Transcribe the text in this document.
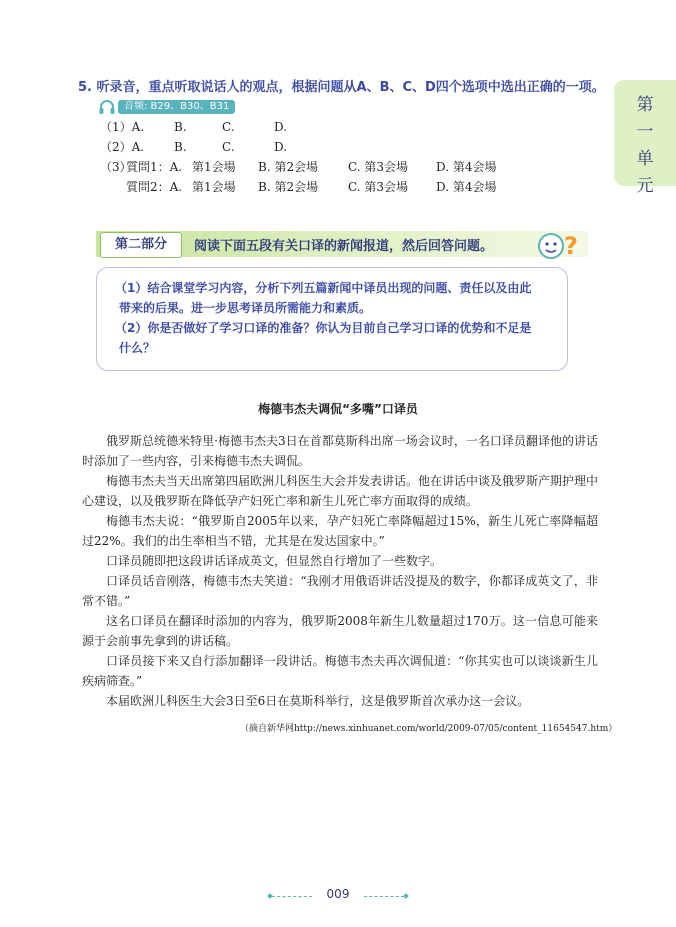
第一单元
5. 听录音，重点听取说话人的观点，根据问题从A、B、C、D四个选项中选出正确的一项。
音频: B29、B30、B31
（1）A. B.	C.	D.
（2）A. B.	C.	D.
（3）
質問1：A. 第1会場 B. 第2会場 C. 第3会場 D. 第4会場
質問2：A. 第1会場 B. 第2会場 C. 第3会場 D. 第4会場
第二部分	阅读下面五段有关口译的新闻报道，然后回答问题。	?
（1）结合课堂学习内容，分析下列五篇新闻中译员出现的问题、责任以及由此
带来的后果。进一步思考译员所需能力和素质。
（2）你是否做好了学习口译的准备？你认为目前自己学习口译的优势和不足是
什么？
梅德韦杰夫调侃“多嘴”口译员
俄罗斯总统德米特里·梅德韦杰夫3日在首都莫斯科出席一场会议时，一名口译员翻译他的讲话时添加了一些内容，引来梅德韦杰夫调侃。
梅德韦杰夫当天出席第四届欧洲儿科医生大会并发表讲话。他在讲话中谈及俄罗斯产期护理中心建设，以及俄罗斯在降低孕产妇死亡率和新生儿死亡率方面取得的成绩。
梅德韦杰夫说：“俄罗斯自2005年以来，孕产妇死亡率降幅超过15%，新生儿死亡率降幅超过22%。我们的出生率相当不错，尤其是在发达国家中。”
口译员随即把这段讲话译成英文，但显然自行增加了一些数字。
口译员话音刚落，梅德韦杰夫笑道：“我刚才用俄语讲话没提及的数字，你都译成英文了，非常不错。”
这名口译员在翻译时添加的内容为，俄罗斯2008年新生儿数量超过170万。这一信息可能来源于会前事先拿到的讲话稿。
口译员接下来又自行添加翻译一段讲话。梅德韦杰夫再次调侃道：“你其实也可以谈谈新生儿疾病筛查。”
本届欧洲儿科医生大会3日至6日在莫斯科举行，这是俄罗斯首次承办这一会议。
（摘自新华网http://news.xinhuanet.com/world/2009-07/05/content_11654547.htm）
009
